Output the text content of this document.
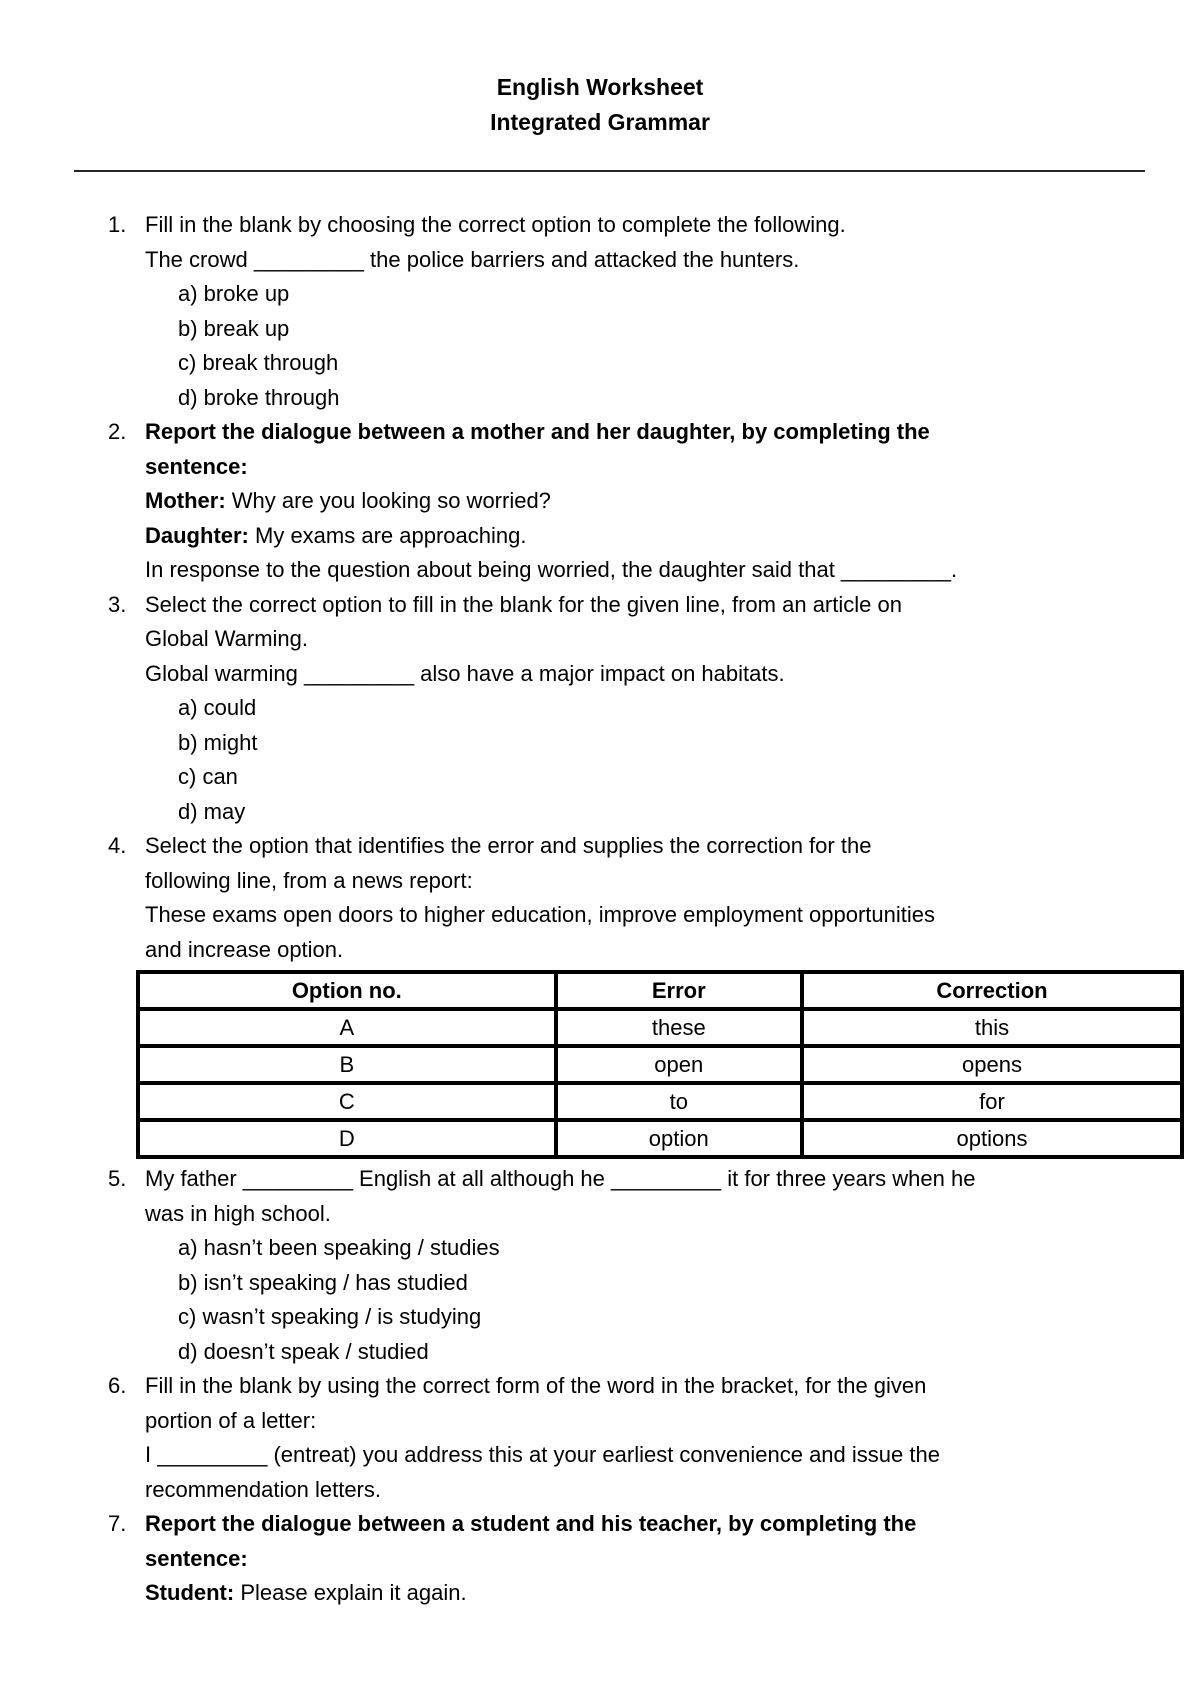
English Worksheet
Integrated Grammar
1. Fill in the blank by choosing the correct option to complete the following.
The crowd _________ the police barriers and attacked the hunters.
a) broke up
b) break up
c) break through
d) broke through
2. Report the dialogue between a mother and her daughter, by completing the
sentence:
Mother: Why are you looking so worried?
Daughter: My exams are approaching.
In response to the question about being worried, the daughter said that _________.
3. Select the correct option to fill in the blank for the given line, from an article on
Global Warming.
Global warming _________ also have a major impact on habitats.
a) could
b) might
c) can
d) may
4. Select the option that identifies the error and supplies the correction for the
following line, from a news report:
These exams open doors to higher education, improve employment opportunities
and increase option.
Option no.	Error	Correction
A	these	this
B	open	opens
C	to	for
D	option	options
5. My father _________ English at all although he _________ it for three years when he
was in high school.
a) hasn’t been speaking / studies
b) isn’t speaking / has studied
c) wasn’t speaking / is studying
d) doesn’t speak / studied
6. Fill in the blank by using the correct form of the word in the bracket, for the given
portion of a letter:
I _________ (entreat) you address this at your earliest convenience and issue the
recommendation letters.
7. Report the dialogue between a student and his teacher, by completing the
sentence:
Student: Please explain it again.
